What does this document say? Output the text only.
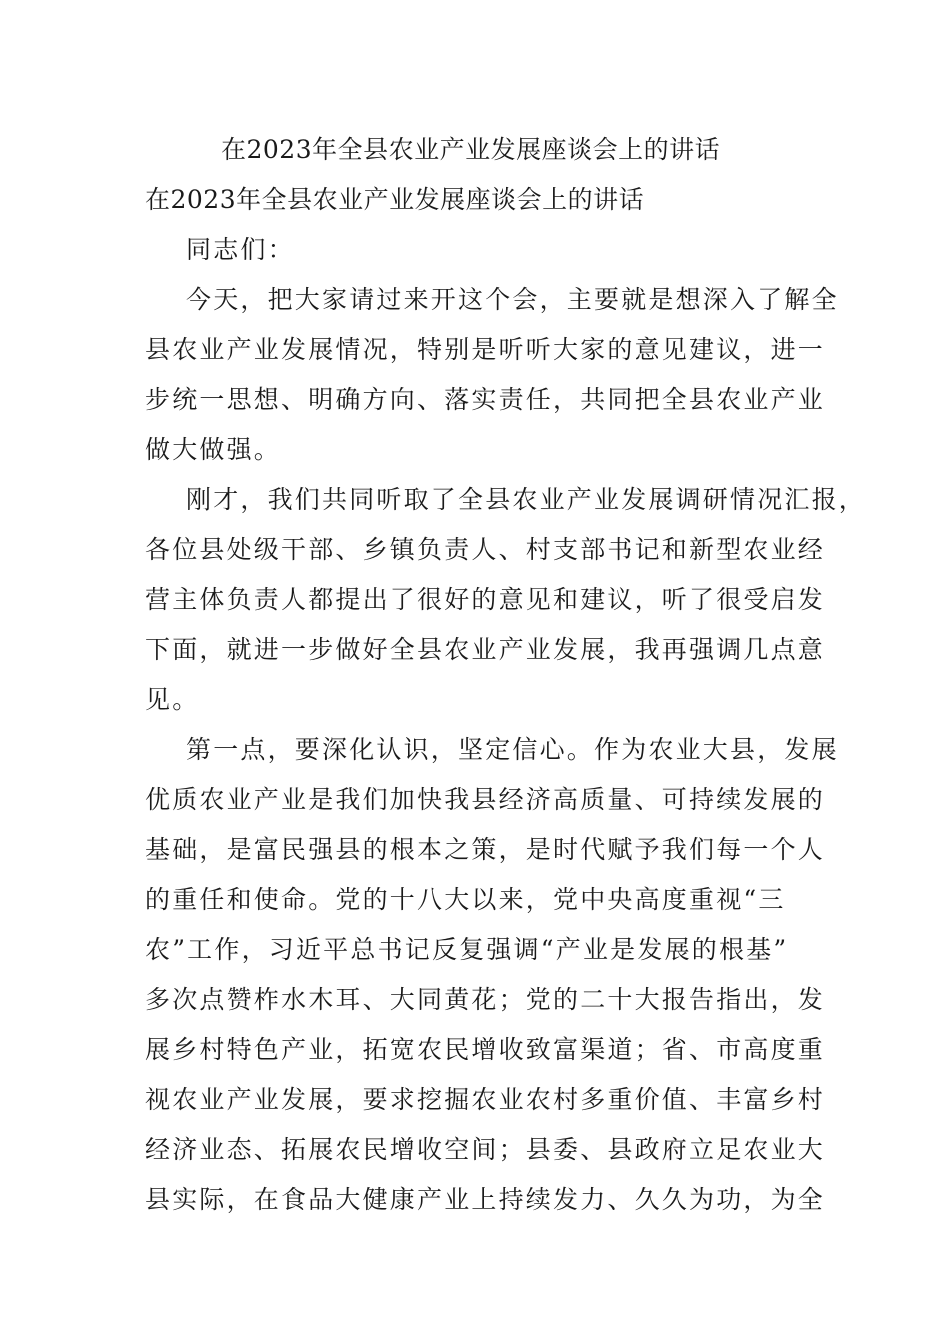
在2023年全县农业产业发展座谈会上的讲话
在2023年全县农业产业发展座谈会上的讲话
同志们：
今天，把大家请过来开这个会，主要就是想深入了解全
县农业产业发展情况，特别是听听大家的意见建议，进一
步统一思想、明确方向、落实责任，共同把全县农业产业
做大做强。
刚才，我们共同听取了全县农业产业发展调研情况汇报，
各位县处级干部、乡镇负责人、村支部书记和新型农业经
营主体负责人都提出了很好的意见和建议，听了很受启发
下面，就进一步做好全县农业产业发展，我再强调几点意
见。
第一点，要深化认识，坚定信心。作为农业大县，发展
优质农业产业是我们加快我县经济高质量、可持续发展的
基础，是富民强县的根本之策，是时代赋予我们每一个人
的重任和使命。党的十八大以来，党中央高度重视“三
农”工作，习近平总书记反复强调“产业是发展的根基”
多次点赞柞水木耳、大同黄花；党的二十大报告指出，发
展乡村特色产业，拓宽农民增收致富渠道；省、市高度重
视农业产业发展，要求挖掘农业农村多重价值、丰富乡村
经济业态、拓展农民增收空间；县委、县政府立足农业大
县实际，在食品大健康产业上持续发力、久久为功，为全
